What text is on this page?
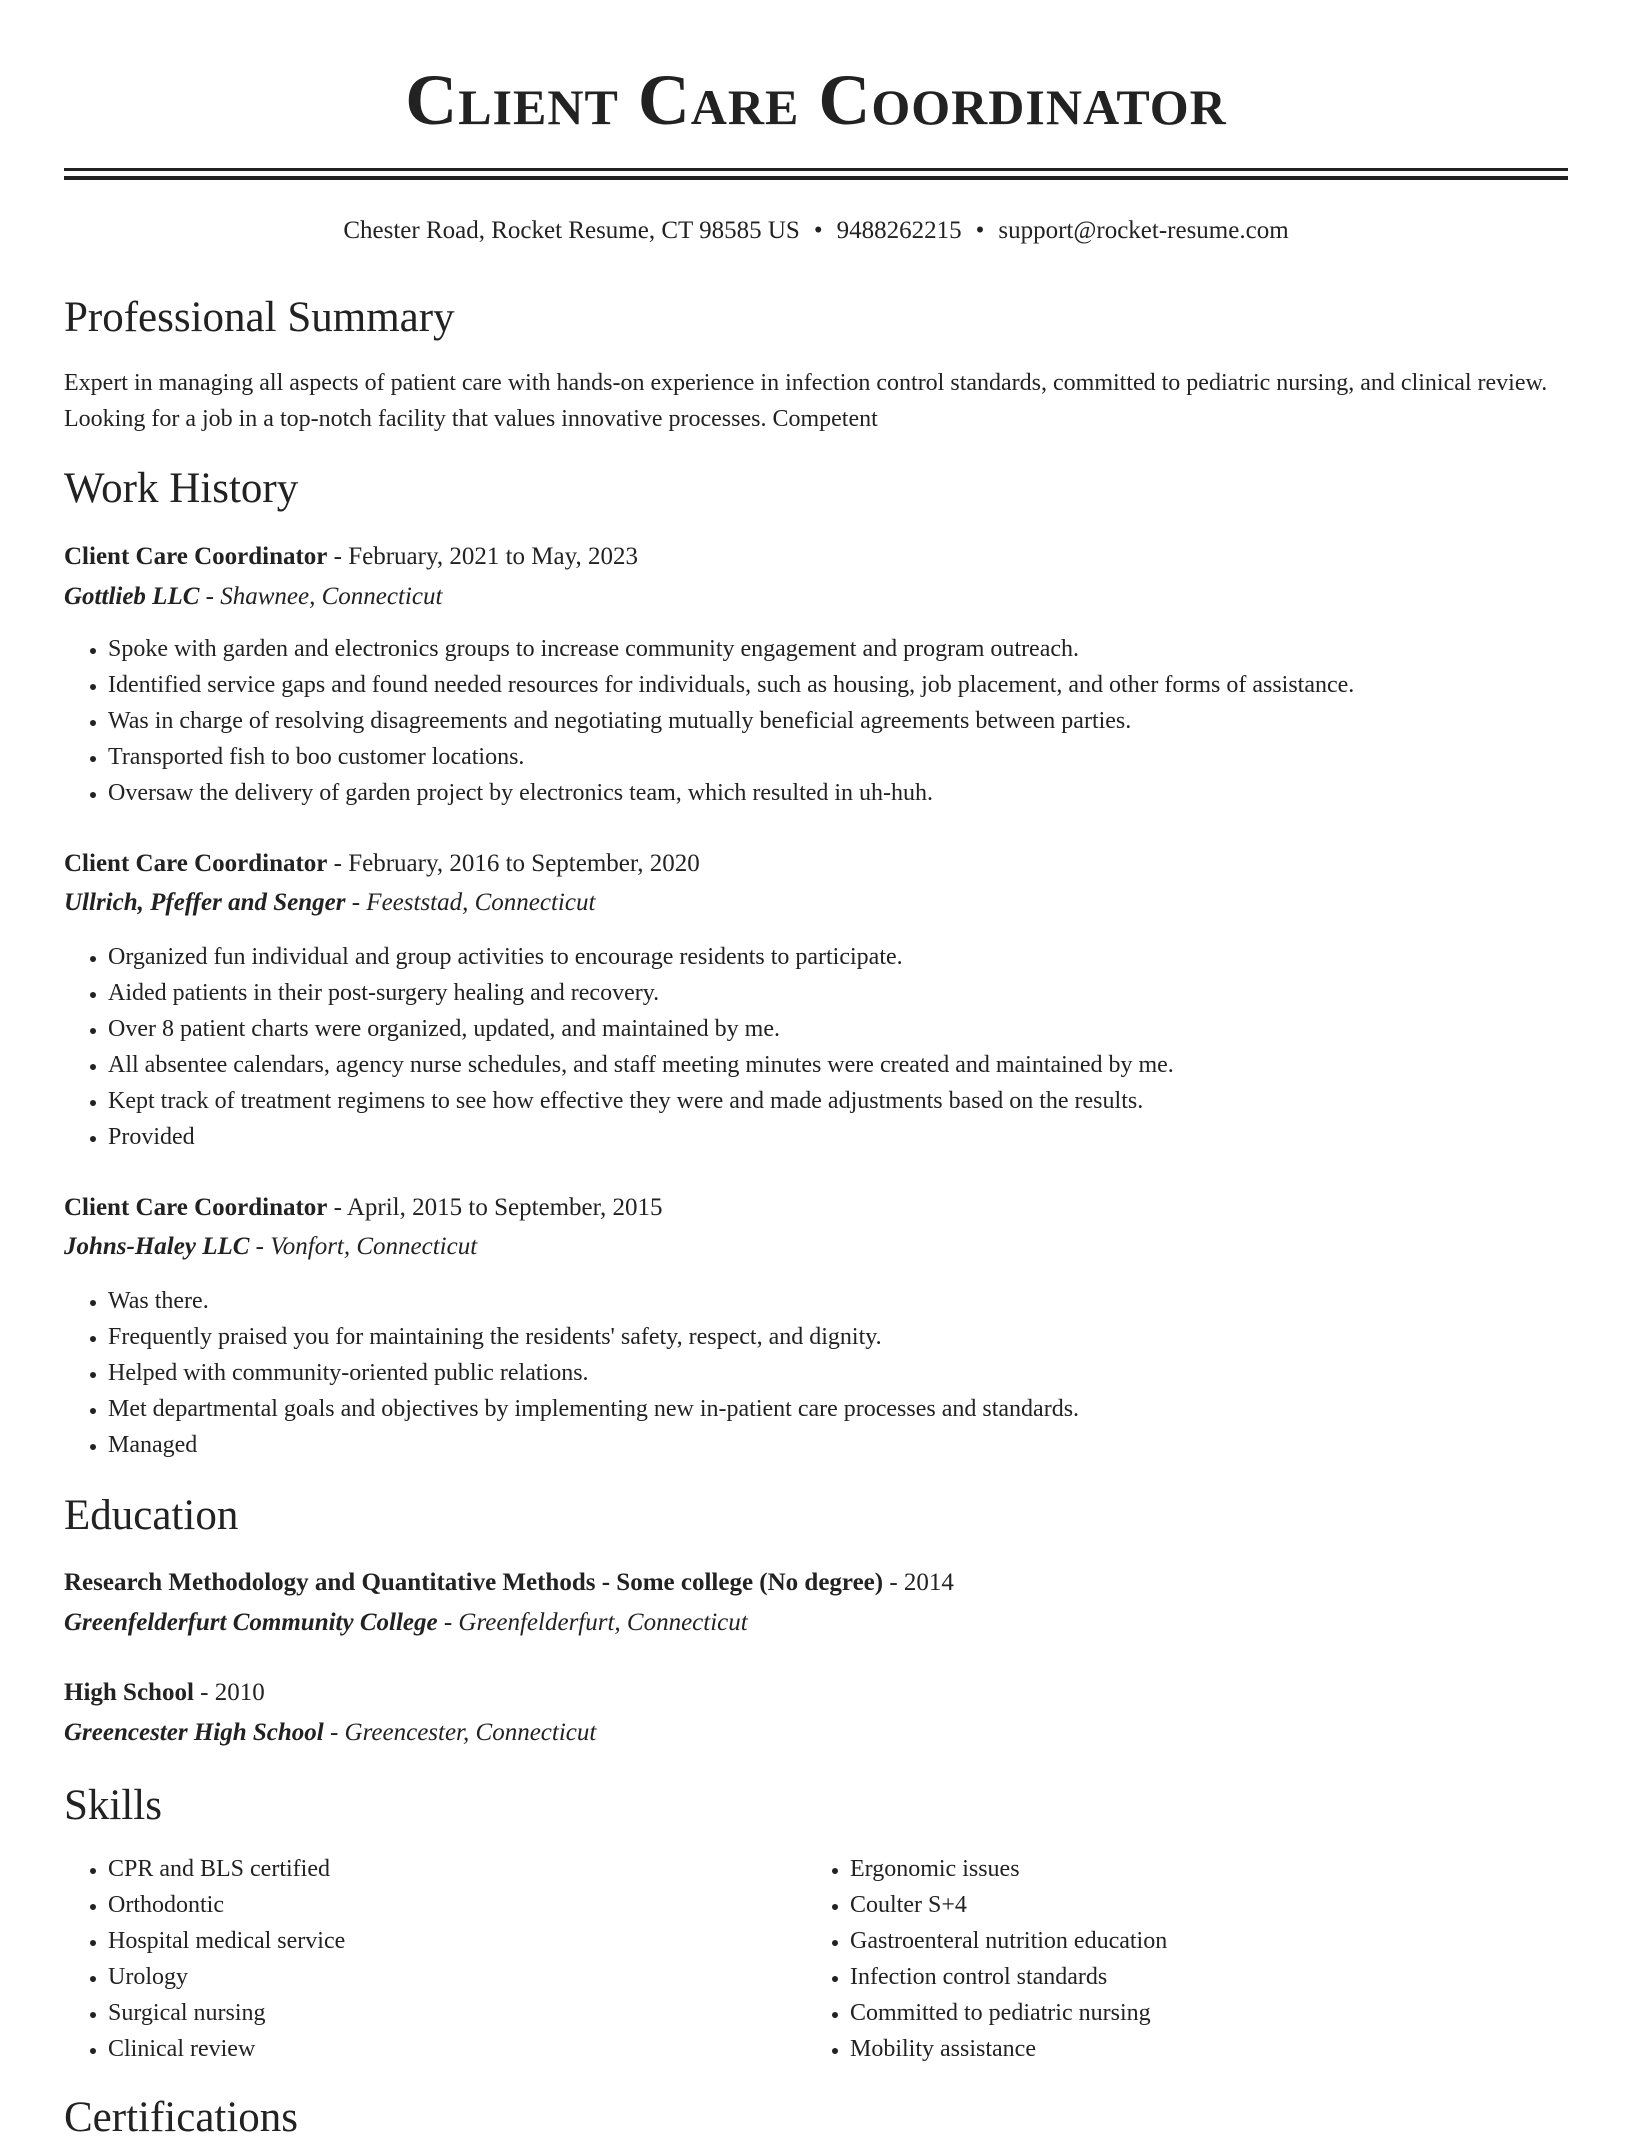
Client Care Coordinator
Chester Road, Rocket Resume, CT 98585 US • 9488262215 • support@rocket-resume.com
Professional Summary

Expert in managing all aspects of patient care with hands-on experience in infection control standards, committed to pediatric nursing, and clinical review. Looking for a job in a top-notch facility that values innovative processes. Competent

Work History
Client Care Coordinator - February, 2021 to May, 2023
Gottlieb LLC - Shawnee, Connecticut
• Spoke with garden and electronics groups to increase community engagement and program outreach.
• Identified service gaps and found needed resources for individuals, such as housing, job placement, and other forms of assistance.
• Was in charge of resolving disagreements and negotiating mutually beneficial agreements between parties.
• Transported fish to boo customer locations.
• Oversaw the delivery of garden project by electronics team, which resulted in uh-huh.
Client Care Coordinator - February, 2016 to September, 2020
Ullrich, Pfeffer and Senger - Feeststad, Connecticut
• Organized fun individual and group activities to encourage residents to participate.
• Aided patients in their post-surgery healing and recovery.
• Over 8 patient charts were organized, updated, and maintained by me.
• All absentee calendars, agency nurse schedules, and staff meeting minutes were created and maintained by me.
• Kept track of treatment regimens to see how effective they were and made adjustments based on the results.
• Provided
Client Care Coordinator - April, 2015 to September, 2015
Johns-Haley LLC - Vonfort, Connecticut
• Was there.
• Frequently praised you for maintaining the residents' safety, respect, and dignity.
• Helped with community-oriented public relations.
• Met departmental goals and objectives by implementing new in-patient care processes and standards.
• Managed
Education
Research Methodology and Quantitative Methods - Some college (No degree) - 2014
Greenfelderfurt Community College - Greenfelderfurt, Connecticut
High School - 2010
Greencester High School - Greencester, Connecticut
Skills
• CPR and BLS certified
• Orthodontic
• Hospital medical service
• Urology
• Surgical nursing
• Clinical review
• Ergonomic issues
• Coulter S+4
• Gastroenteral nutrition education
• Infection control standards
• Committed to pediatric nursing
• Mobility assistance
Certifications
